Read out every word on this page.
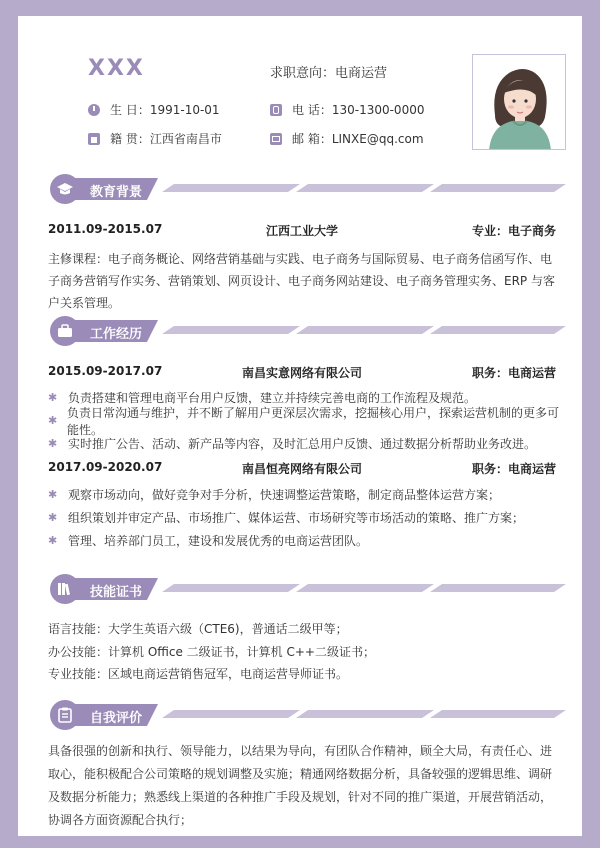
XXX	求职意向：电商运营
生 日：1991-10-01	电 话：130-1300-0000
籍 贯：江西省南昌市	邮 箱：LINXE@qq.com
教育背景
2011.09-2015.07	江西工业大学	专业：电子商务
主修课程：电子商务概论、网络营销基础与实践、电子商务与国际贸易、电子商务信函写作、电子商务营销写作实务、营销策划、网页设计、电子商务网站建设、电子商务管理实务、ERP 与客户关系管理。
工作经历
2015.09-2017.07	南昌实意网络有限公司	职务：电商运营
✱ 负责搭建和管理电商平台用户反馈，建立并持续完善电商的工作流程及规范。
✱
负责日常沟通与维护，并不断了解用户更深层次需求，挖掘核心用户，探索运营机制的更多可能性。
✱ 实时推广公告、活动、新产品等内容，及时汇总用户反馈、通过数据分析帮助业务改进。
2017.09-2020.07	南昌恒亮网络有限公司	职务：电商运营
✱ 观察市场动向，做好竞争对手分析，快速调整运营策略，制定商品整体运营方案；
✱ 组织策划并审定产品、市场推广、媒体运营、市场研究等市场活动的策略、推广方案；
✱ 管理、培养部门员工，建设和发展优秀的电商运营团队。
技能证书
语言技能：大学生英语六级（CTE6)，普通话二级甲等；
办公技能：计算机 Office 二级证书，计算机 C++二级证书；
专业技能：区域电商运营销售冠军，电商运营导师证书。
自我评价
具备很强的创新和执行、领导能力，以结果为导向，有团队合作精神，顾全大局，有责任心、进取心，能积极配合公司策略的规划调整及实施；精通网络数据分析，具备较强的逻辑思维、调研及数据分析能力；熟悉线上渠道的各种推广手段及规划，针对不同的推广渠道，开展营销活动，协调各方面资源配合执行；
